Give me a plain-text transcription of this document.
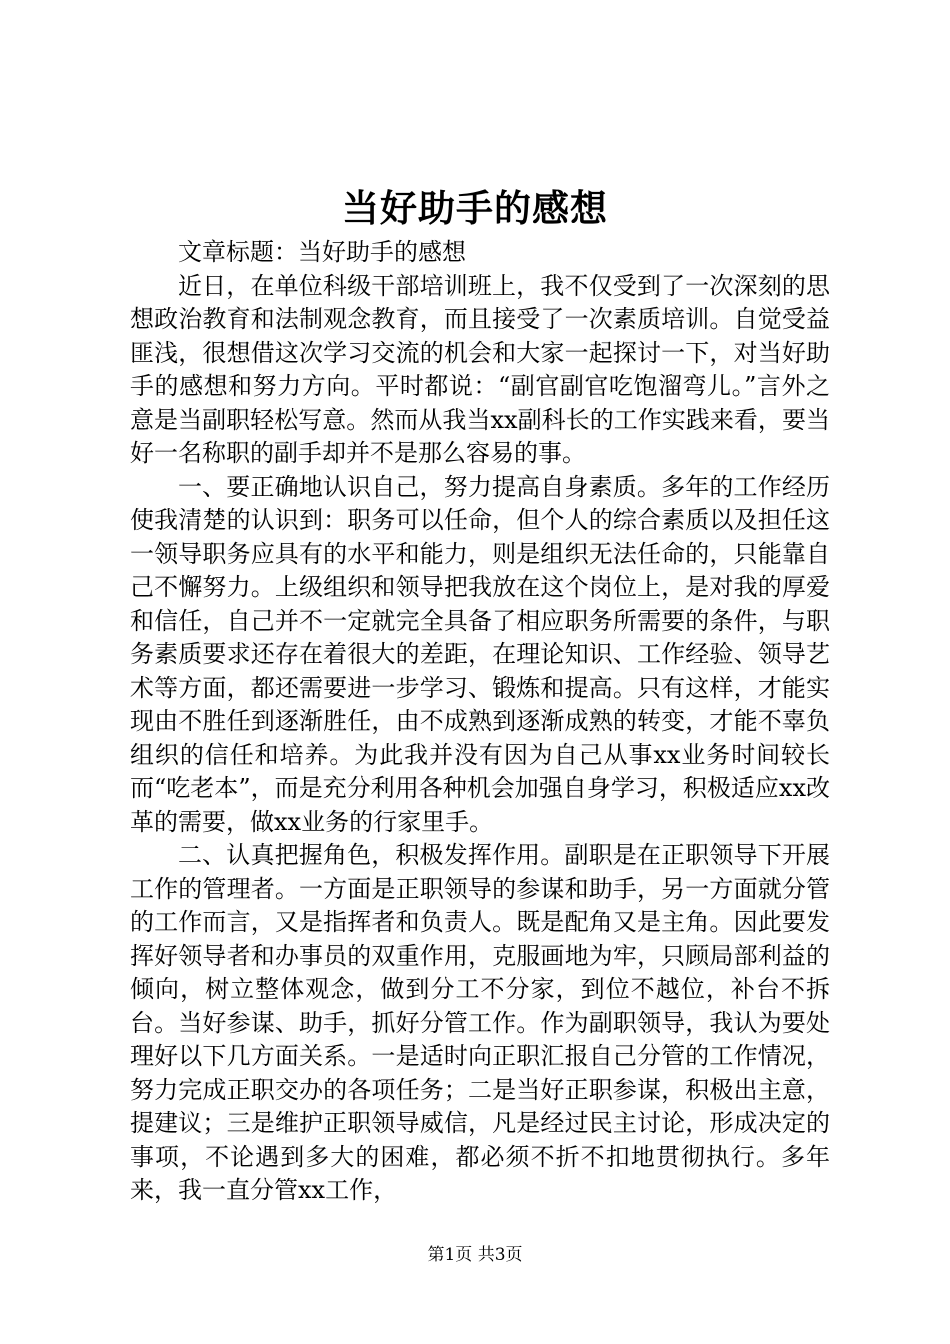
当好助手的感想

文章标题：当好助手的感想

近日，在单位科级干部培训班上，我不仅受到了一次深刻的思想政治教育和法制观念教育，而且接受了一次素质培训。自觉受益匪浅，很想借这次学习交流的机会和大家一起探讨一下，对当好助手的感想和努力方向。平时都说：“副官副官吃饱溜弯儿。”言外之意是当副职轻松写意。然而从我当xx副科长的工作实践来看，要当好一名称职的副手却并不是那么容易的事。

一、要正确地认识自己，努力提高自身素质。多年的工作经历使我清楚的认识到：职务可以任命，但个人的综合素质以及担任这一领导职务应具有的水平和能力，则是组织无法任命的，只能靠自己不懈努力。上级组织和领导把我放在这个岗位上，是对我的厚爱和信任，自己并不一定就完全具备了相应职务所需要的条件，与职务素质要求还存在着很大的差距，在理论知识、工作经验、领导艺术等方面，都还需要进一步学习、锻炼和提高。只有这样，才能实现由不胜任到逐渐胜任，由不成熟到逐渐成熟的转变，才能不辜负组织的信任和培养。为此我并没有因为自己从事xx业务时间较长而“吃老本”，而是充分利用各种机会加强自身学习，积极适应xx改革的需要，做xx业务的行家里手。

二、认真把握角色，积极发挥作用。副职是在正职领导下开展工作的管理者。一方面是正职领导的参谋和助手，另一方面就分管的工作而言，又是指挥者和负责人。既是配角又是主角。因此要发挥好领导者和办事员的双重作用，克服画地为牢，只顾局部利益的倾向，树立整体观念，做到分工不分家，到位不越位，补台不拆台。当好参谋、助手，抓好分管工作。作为副职领导，我认为要处理好以下几方面关系。一是适时向正职汇报自己分管的工作情况，努力完成正职交办的各项任务；二是当好正职参谋，积极出主意，提建议；三是维护正职领导威信，凡是经过民主讨论，形成决定的事项，不论遇到多大的困难，都必须不折不扣地贯彻执行。多年来，我一直分管xx工作，

第1页 共3页
